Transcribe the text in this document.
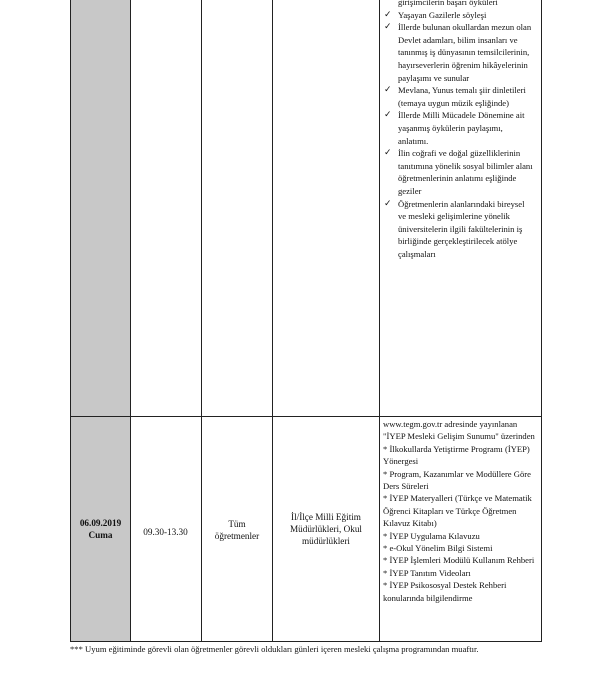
06.09.2019
Cuma	09.30-13.30
Tüm öğretmenler
İl/İlçe Milli Eğitim Müdürlükleri, Okul müdürlükleri
girişimcilerin başarı öyküleri
✓ Yaşayan Gazilerle söyleşi
✓ İllerde bulunan okullardan mezun olan Devlet adamları, bilim insanları ve tanınmış iş dünyasının temsilcilerinin, hayırseverlerin öğrenim hikâyelerinin paylaşımı ve sunular
✓ Mevlana, Yunus temalı şiir dinletileri (temaya uygun müzik eşliğinde)
✓ İllerde Milli Mücadele Döneminе ait yaşanmış öykülerin paylaşımı, anlatımı.
✓ İlin coğrafi ve doğal güzelliklerinin tanıtımına yönelik sosyal bilimler alanı öğretmenlerinin anlatımı eşliğinde geziler
✓ Öğretmenlerin alanlarındaki bireysel ve mesleki gelişimlerine yönelik üniversitelerin ilgili fakültelerinin iş birliğinde gerçekleştirilecek atölye çalışmaları

www.tegm.gov.tr adresinde yayınlanan "İYEP Mesleki Gelişim Sunumu" üzerinden

* İlkokullarda Yetiştirme Programı (İYEP) Yönergesi

* Program, Kazanımlar ve Modüllere Göre Ders Süreleri

* İYEP Materyalleri (Türkçe ve Matematik Öğrenci Kitapları ve Türkçe Öğretmen Kılavuz Kitabı)

* İYEP Uygulama Kılavuzu

* e-Okul Yönelim Bilgi Sistemi

* İYEP İşlemleri Modülü Kullanım Rehberi

* İYEP Tanıtım Videoları

* İYEP Psikososyal Destek Rehberi konularında bilgilendirme

*** Uyum eğitiminde görevli olan öğretmenler görevli oldukları günleri içeren mesleki çalışma programından muaftır.
